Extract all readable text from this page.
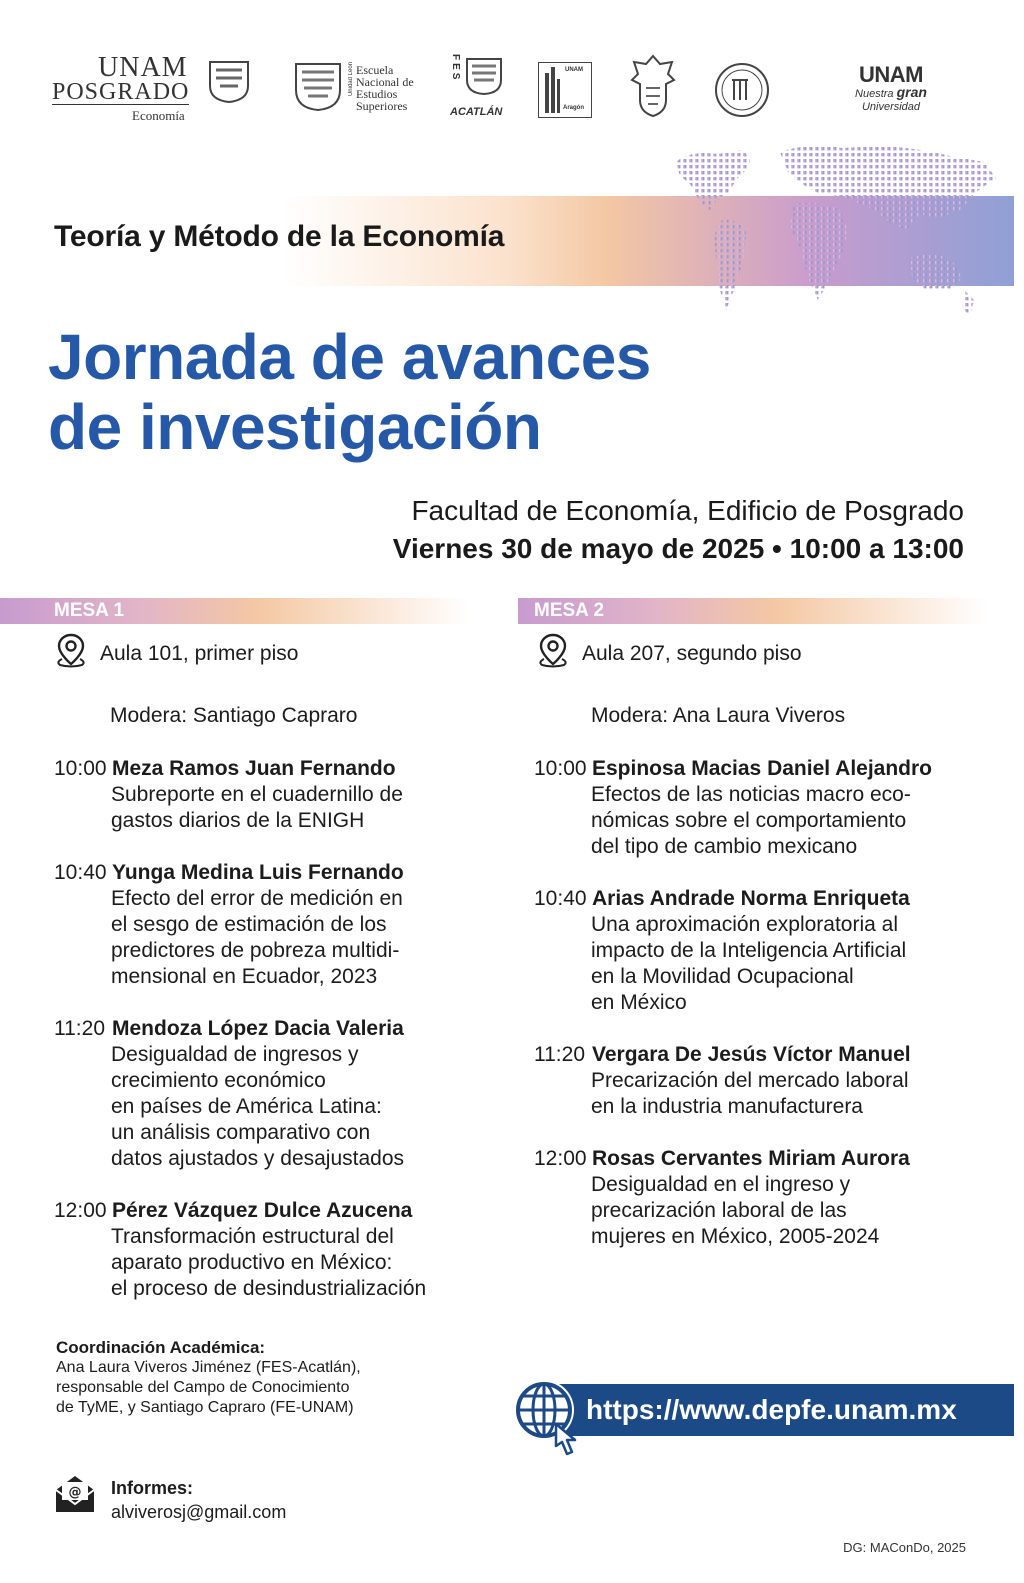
UNAM
POSGRADO
Economía
Unidad León Escuela
Nacional de
Estudios
Superiores
FES
ACATLÁN
UNAM
Aragón
UNAM
Nuestra gran
Universidad
Teoría y Método de la Economía
Jornada de avances
de investigación
Facultad de Economía, Edificio de Posgrado
Viernes 30 de mayo de 2025 • 10:00 a 13:00
MESA 1
Aula 101, primer piso
Modera: Santiago Capraro
10:00 Meza Ramos Juan Fernando
Subreporte en el cuadernillo de
gastos diarios de la ENIGH
10:40 Yunga Medina Luis Fernando
Efecto del error de medición en
el sesgo de estimación de los
predictores de pobreza multidi-
mensional en Ecuador, 2023
11:20 Mendoza López Dacia Valeria
Desigualdad de ingresos y
crecimiento económico
en países de América Latina:
un análisis comparativo con
datos ajustados y desajustados
12:00 Pérez Vázquez Dulce Azucena
Transformación estructural del
aparato productivo en México:
el proceso de desindustrialización
MESA 2
Aula 207, segundo piso
Modera: Ana Laura Viveros
10:00 Espinosa Macias Daniel Alejandro
Efectos de las noticias macro eco-
nómicas sobre el comportamiento
del tipo de cambio mexicano
10:40 Arias Andrade Norma Enriqueta
Una aproximación exploratoria al
impacto de la Inteligencia Artificial
en la Movilidad Ocupacional
en México
11:20 Vergara De Jesús Víctor Manuel
Precarización del mercado laboral
en la industria manufacturera
12:00 Rosas Cervantes Miriam Aurora
Desigualdad en el ingreso y
precarización laboral de las
mujeres en México, 2005-2024
Coordinación Académica:
Ana Laura Viveros Jiménez (FES-Acatlán),
responsable del Campo de Conocimiento
de TyME, y Santiago Capraro (FE-UNAM)
@ Informes:
alviverosj@gmail.com
https://www.depfe.unam.mx
DG: MAConDo, 2025
